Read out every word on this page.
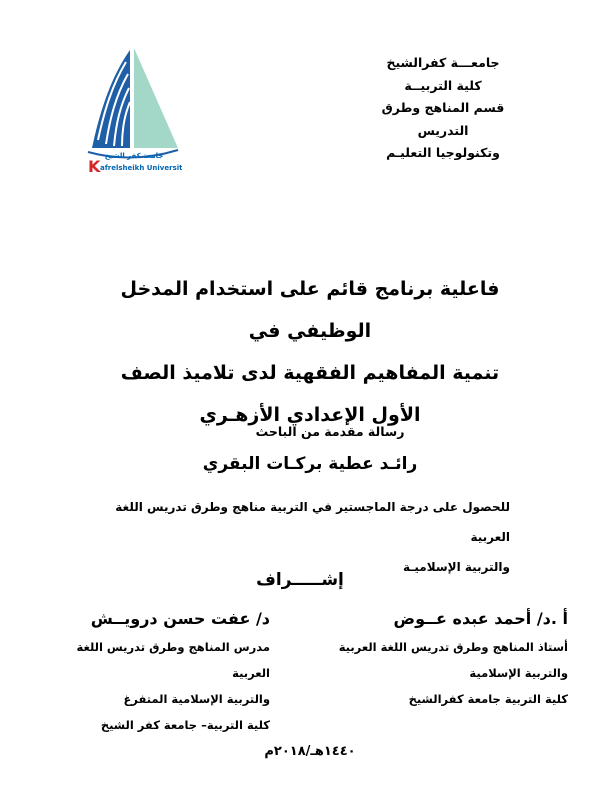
جامعة كفر الشيخ
K afrelsheikh University
جامعـــة كفرالشيخ
كلية التربيــة
قسم المناهج وطرق التدريس
وتكنولوجيا التعليـم
فاعلية برنامج قائم على استخدام المدخل الوظيفي في
تنمية المفاهيم الفقهية لدى تلاميذ الصف
الأول الإعدادي الأزهـري
رسالة مقدمة من الباحث
رائـد عطية بركـات البقري
للحصول على درجة الماجستير في التربية مناهج وطرق تدريس اللغة العربية
والتربية الإسلاميـة
إشـــــراف
أ .د/ أحمد عبده عــوض
أستاذ المناهج وطرق تدريس اللغة العربية
والتربية الإسلامية
كلية التربية جامعة كفرالشيخ
د/ عفت حسن درويــش
مدرس المناهج وطرق تدريس اللغة العربية
والتربية الإسلامية المتفرغ
كلية التربية– جامعة كفر الشيخ
١٤٤٠هـ/٢٠١٨م
